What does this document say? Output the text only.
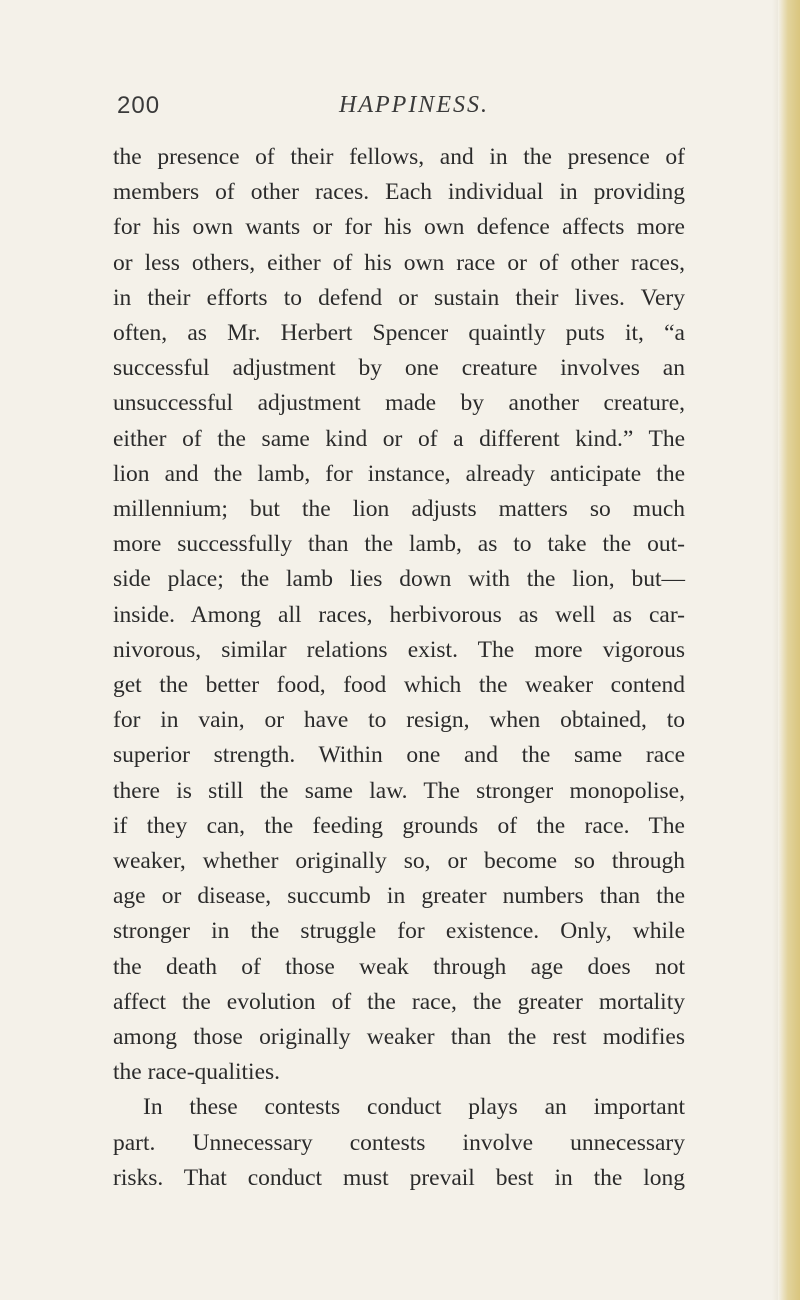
200	HAPPINESS.
the presence of their fellows, and in the presence of
members of other races. Each individual in providing
for his own wants or for his own defence affects more
or less others, either of his own race or of other races,
in their efforts to defend or sustain their lives. Very
often, as Mr. Herbert Spencer quaintly puts it, “a
successful adjustment by one creature involves an
unsuccessful adjustment made by another creature,
either of the same kind or of a different kind.” The
lion and the lamb, for instance, already anticipate the
millennium; but the lion adjusts matters so much
more successfully than the lamb, as to take the out-
side place; the lamb lies down with the lion, but—
inside. Among all races, herbivorous as well as car-
nivorous, similar relations exist. The more vigorous
get the better food, food which the weaker contend
for in vain, or have to resign, when obtained, to
superior strength. Within one and the same race
there is still the same law. The stronger monopolise,
if they can, the feeding grounds of the race. The
weaker, whether originally so, or become so through
age or disease, succumb in greater numbers than the
stronger in the struggle for existence. Only, while
the death of those weak through age does not
affect the evolution of the race, the greater mortality
among those originally weaker than the rest modifies
the race-qualities.
In these contests conduct plays an important
part. Unnecessary contests involve unnecessary
risks. That conduct must prevail best in the long
